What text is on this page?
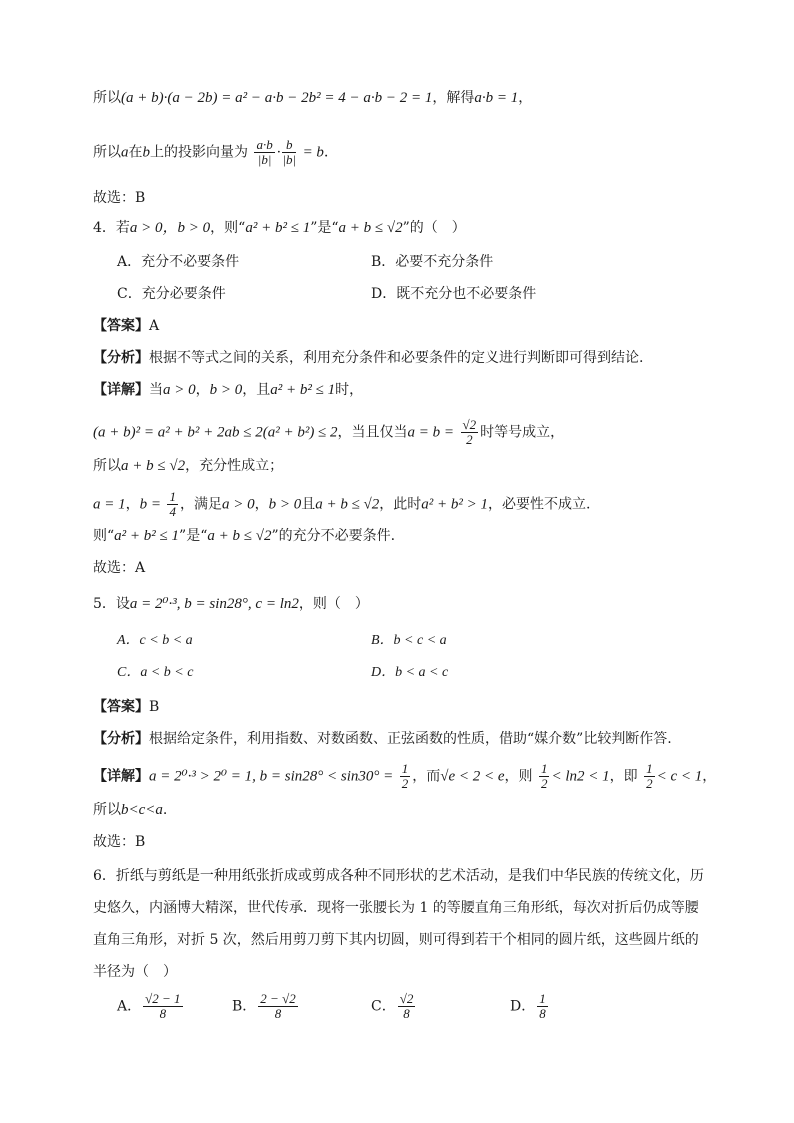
所以(a + b)·(a − 2b) = a² − a·b − 2b² = 4 − a·b − 2 = 1，解得a·b = 1，
所以a在b上的投影向量为 $\frac{a\cdot b}{|b|} \cdot \frac{b}{|b|} = b$．
故选：B
4．若a > 0，b > 0，则“a² + b² ≤ 1”是“a + b ≤ √2”的（　）
A．充分不必要条件	B．必要不充分条件
C．充分必要条件	D．既不充分也不必要条件
【答案】A
【分析】根据不等式之间的关系，利用充分条件和必要条件的定义进行判断即可得到结论.
【详解】当a > 0，b > 0，且a² + b² ≤ 1时，
(a + b)² = a² + b² + 2ab ≤ 2(a² + b²) ≤ 2，当且仅当$a = b = \frac{√2}{2}$ 时等号成立，
所以a + b ≤ √2，充分性成立；
a = 1，$b = \frac{1}{4}$ ，满足a > 0，b > 0且a + b ≤ √2，此时a² + b² > 1，必要性不成立.
则“a² + b² ≤ 1”是“a + b ≤ √2”的充分不必要条件.
故选：A
5．设a = 2⁰·³, b = sin28°, c = ln2，则（　）
A．c < b < a	B．b < c < a
C．a < b < c	D．b < a < c
【答案】B
【分析】根据给定条件，利用指数、对数函数、正弦函数的性质，借助“媒介数”比较判断作答.
【详解】a = 2⁰·³ > 2⁰ = 1, $b = \sin 28^\circ < \sin 30^\circ = \frac{1}{2}$ ，而√e < 2 < e，则 $\frac{1}{2} < \ln 2 < 1$，即 $\frac{1}{2} < c < 1$，
所以b<c<a.
故选：B
6．折纸与剪纸是一种用纸张折成或剪成各种不同形状的艺术活动，是我们中华民族的传统文化，历
史悠久，内涵博大精深，世代传承．现将一张腰长为 1 的等腰直角三角形纸，每次对折后仍成等腰
直角三角形，对折 5 次，然后用剪刀剪下其内切圆，则可得到若干个相同的圆片纸，这些圆片纸的
半径为（　）
A． $\frac{√2 - 1}{8}$	B． $\frac{2 - √2}{8}$	C． $\frac{√2}{8}$	D． $\frac{1}{8}$
